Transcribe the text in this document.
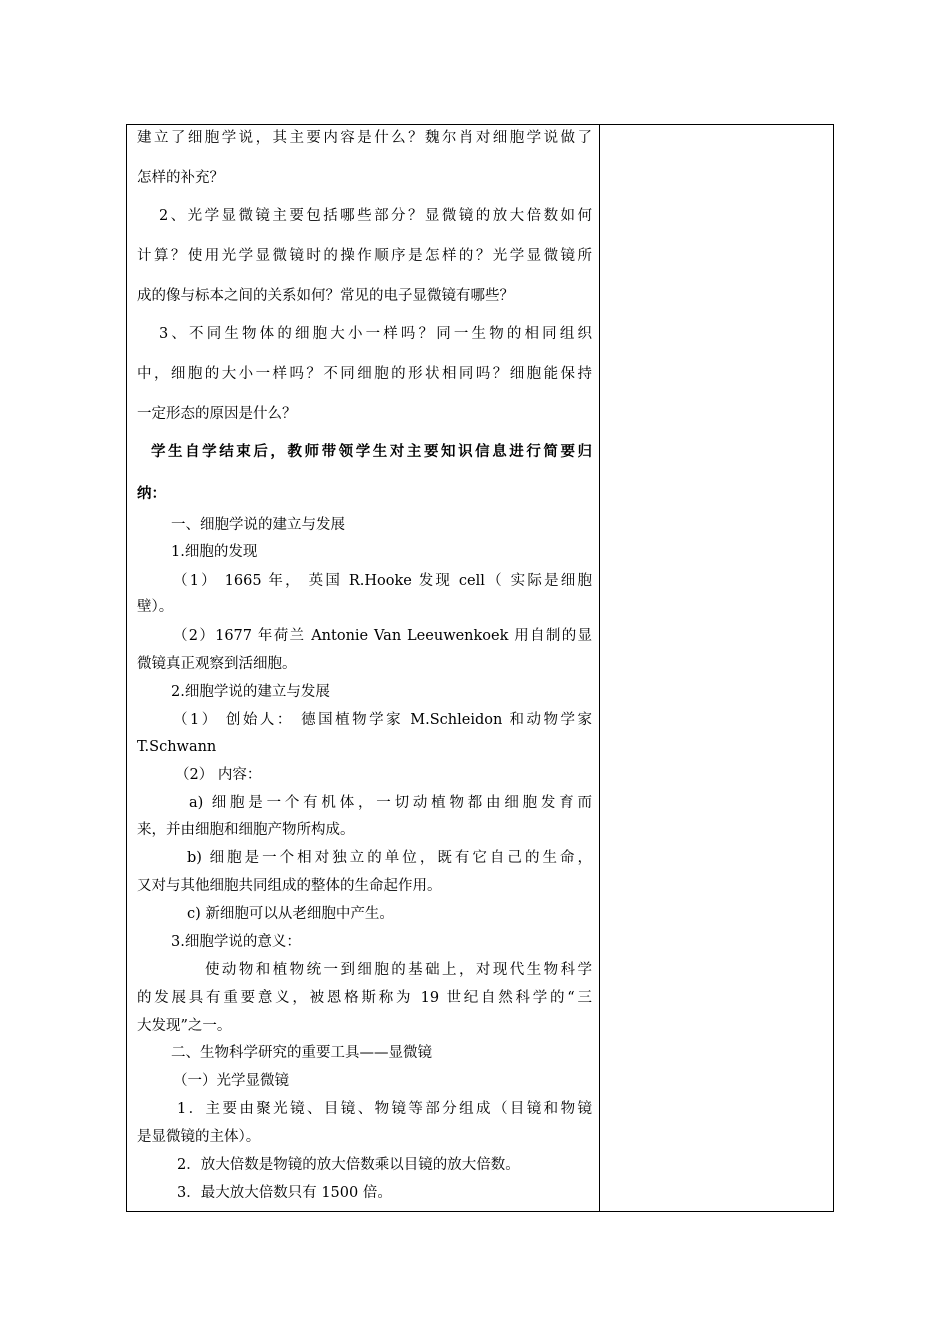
建立了细胞学说，其主要内容是什么？魏尔肖对细胞学说做了
怎样的补充？
2、光学显微镜主要包括哪些部分？显微镜的放大倍数如何
计算？使用光学显微镜时的操作顺序是怎样的？光学显微镜所
成的像与标本之间的关系如何？常见的电子显微镜有哪些？
3、不同生物体的细胞大小一样吗？同一生物的相同组织
中，细胞的大小一样吗？不同细胞的形状相同吗？细胞能保持
一定形态的原因是什么？
学生自学结束后，教师带领学生对主要知识信息进行简要归
纳：
一、细胞学说的建立与发展
1.细胞的发现
（1） 1665 年， 英国 R.Hooke 发现 cell（ 实际是细胞
壁）。
（2）1677 年荷兰 Antonie Van Leeuwenkoek 用自制的显
微镜真正观察到活细胞。
2.细胞学说的建立与发展
（1） 创始人： 德国植物学家 M.Schleidon 和动物学家
T.Schwann
（2） 内容：
a) 细胞是一个有机体，一切动植物都由细胞发育而
来，并由细胞和细胞产物所构成。
b) 细胞是一个相对独立的单位，既有它自己的生命，
又对与其他细胞共同组成的整体的生命起作用。
c) 新细胞可以从老细胞中产生。
3.细胞学说的意义：
使动物和植物统一到细胞的基础上，对现代生物科学
的发展具有重要意义，被恩格斯称为 19 世纪自然科学的“三
大发现”之一。
二、生物科学研究的重要工具——显微镜
（一）光学显微镜
1．主要由聚光镜、目镜、物镜等部分组成（目镜和物镜
是显微镜的主体）。
2．放大倍数是物镜的放大倍数乘以目镜的放大倍数。
3．最大放大倍数只有 1500 倍。
